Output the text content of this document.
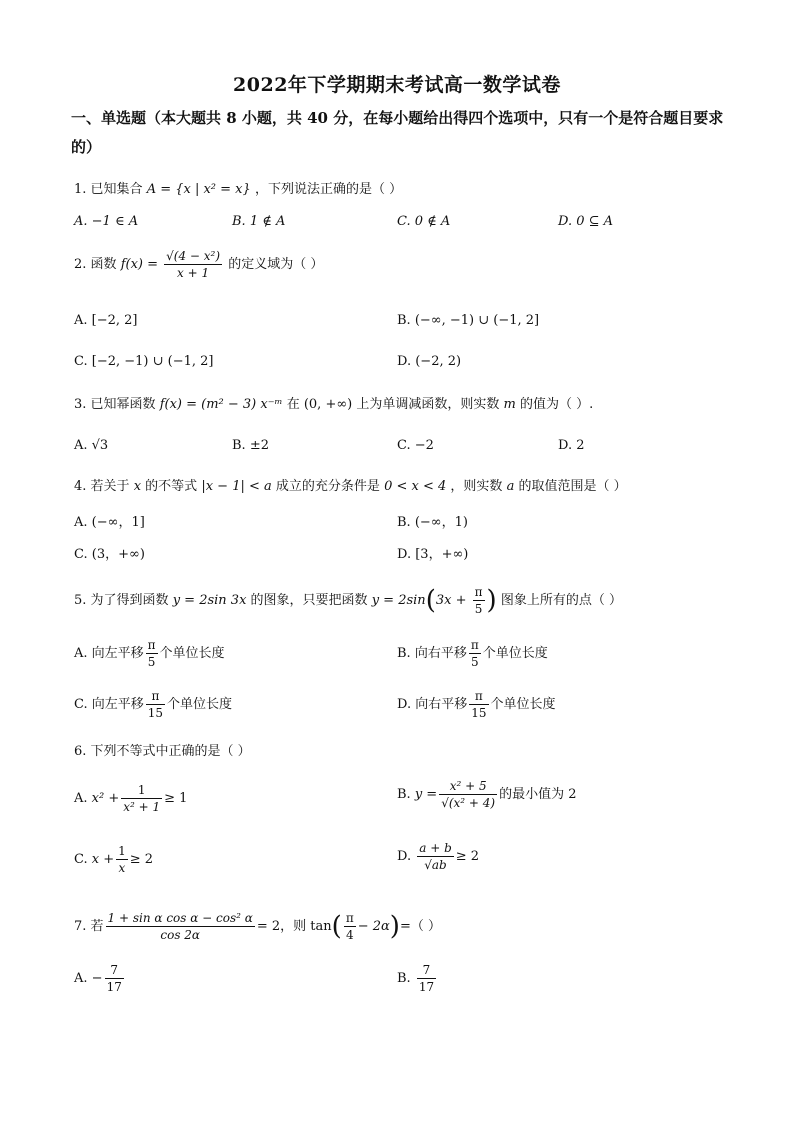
2022年下学期期末考试高一数学试卷
一、单选题（本大题共 8 小题，共 40 分，在每小题给出得四个选项中，只有一个是符合题目要求的）
1. 已知集合 A = {x | x² = x} ，下列说法正确的是（ ）
A. −1 ∈ A	B. 1 ∉ A	C. 0 ∉ A	D. 0 ⊆ A
2. 函数 $f(x) = \frac{\text{√(4 − x²)}}{x + 1}$ 的定义域为（ ）
A. [−2, 2]	B. (−∞, −1) ∪ (−1, 2]
C. [−2, −1) ∪ (−1, 2]	D. (−2, 2)
3. 已知幂函数 f(x) = (m² − 3) x⁻ᵐ 在 (0, +∞) 上为单调减函数，则实数 m 的值为（ ）.
A. √3	B. ±2	C. −2	D. 2
4. 若关于 x 的不等式 |x − 1| < a 成立的充分条件是 0 < x < 4 ，则实数 a 的取值范围是（ ）
A. (−∞，1]	B. (−∞，1)
C. (3，+∞)	D. [3，+∞)
5. 为了得到函数 y = 2sin 3x 的图象，只要把函数 $y = 2\sin(3x + \frac{\pi}{5}$ ) 图象上所有的点（ ）
A. 向左平移 $\frac{\pi}{5}$ 个单位长度	B. 向右平移 $\frac{\pi}{5}$ 个单位长度
C. 向左平移 $\frac{\pi}{15}$ 个单位长度	D. 向右平移 $\frac{\pi}{15}$ 个单位长度
6. 下列不等式中正确的是（ ）
A. $x^2 + \frac{1}{\text{x² + 1}} \ge 1$	B. $y = \frac{\text{x² + 5}}{\text{√(x² + 4)}}$ 的最小值为 2
C. $x + \frac{1}{x} \ge 2$	D. $\frac{a + b}{√ab} \ge 2$
7. 若 $\frac{\text{1 + sin α cos α − cos² α}}{\cos 2\alpha} = 2$，则 $\tan( \frac{\pi}{4} - 2\alpha)=$（ ）
A. − $\frac{7}{17}$	B. $\frac{7}{17}$
